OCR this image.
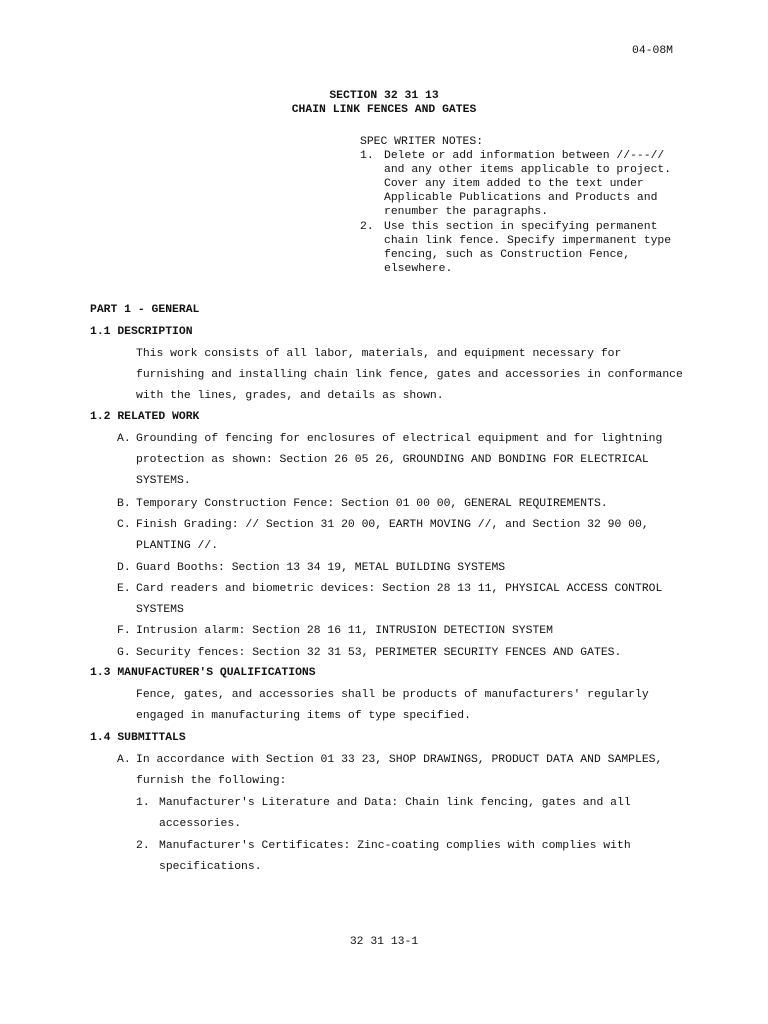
04-08M
SECTION 32 31 13
CHAIN LINK FENCES AND GATES
SPEC WRITER NOTES:
1. Delete or add information between //---// and any other items applicable to project. Cover any item added to the text under Applicable Publications and Products and renumber the paragraphs.
2. Use this section in specifying permanent chain link fence. Specify impermanent type fencing, such as Construction Fence, elsewhere.
PART 1 - GENERAL
1.1 DESCRIPTION
This work consists of all labor, materials, and equipment necessary for furnishing and installing chain link fence, gates and accessories in conformance with the lines, grades, and details as shown.
1.2 RELATED WORK
A. Grounding of fencing for enclosures of electrical equipment and for lightning protection as shown: Section 26 05 26, GROUNDING AND BONDING FOR ELECTRICAL SYSTEMS.
B. Temporary Construction Fence: Section 01 00 00, GENERAL REQUIREMENTS.
C. Finish Grading: // Section 31 20 00, EARTH MOVING //, and Section 32 90 00, PLANTING //.
D. Guard Booths: Section 13 34 19, METAL BUILDING SYSTEMS
E. Card readers and biometric devices: Section 28 13 11, PHYSICAL ACCESS CONTROL SYSTEMS
F. Intrusion alarm: Section 28 16 11, INTRUSION DETECTION SYSTEM
G. Security fences: Section 32 31 53, PERIMETER SECURITY FENCES AND GATES.
1.3 MANUFACTURER'S QUALIFICATIONS
Fence, gates, and accessories shall be products of manufacturers' regularly engaged in manufacturing items of type specified.
1.4 SUBMITTALS
A. In accordance with Section 01 33 23, SHOP DRAWINGS, PRODUCT DATA AND SAMPLES, furnish the following:
1. Manufacturer's Literature and Data: Chain link fencing, gates and all accessories.
2. Manufacturer's Certificates: Zinc-coating complies with complies with specifications.
32 31 13-1
